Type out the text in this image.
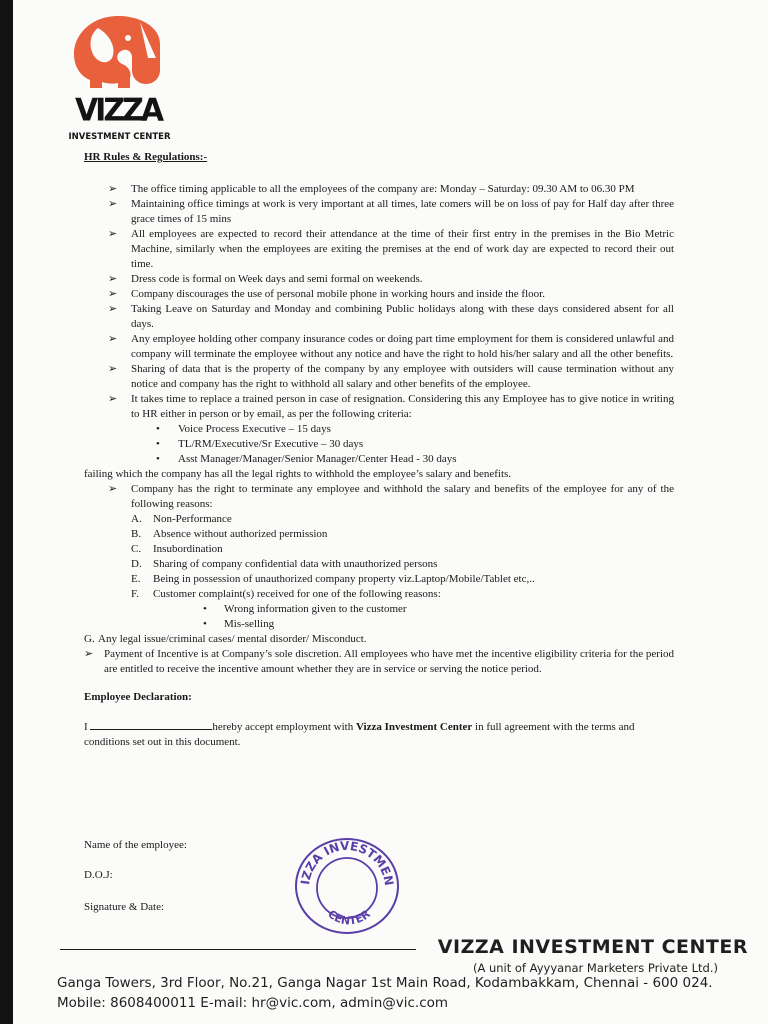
VIZZA
INVESTMENT CENTER

HR Rules & Regulations:-

➢ The office timing applicable to all the employees of the company are: Monday – Saturday: 09.30 AM to 06.30 PM

➢ Maintaining office timings at work is very important at all times, late comers will be on loss of pay for Half day after three grace times of 15 mins

➢ All employees are expected to record their attendance at the time of their first entry in the premises in the Bio Metric Machine, similarly when the employees are exiting the premises at the end of work day are expected to record their out time.

➢ Dress code is formal on Week days and semi formal on weekends.

➢ Company discourages the use of personal mobile phone in working hours and inside the floor.

➢ Taking Leave on Saturday and Monday and combining Public holidays along with these days considered absent for all days.

➢ Any employee holding other company insurance codes or doing part time employment for them is considered unlawful and company will terminate the employee without any notice and have the right to hold his/her salary and all the other benefits.

➢ Sharing of data that is the property of the company by any employee with outsiders will cause termination without any notice and company has the right to withhold all salary and other benefits of the employee.

➢ It takes time to replace a trained person in case of resignation. Considering this any Employee has to give notice in writing to HR either in person or by email, as per the following criteria:

• Voice Process Executive – 15 days

• TL/RM/Executive/Sr Executive – 30 days

• Asst Manager/Manager/Senior Manager/Center Head - 30 days

failing which the company has all the legal rights to withhold the employee’s salary and benefits.

➢ Company has the right to terminate any employee and withhold the salary and benefits of the employee for any of the following reasons:

A. Non-Performance

B. Absence without authorized permission

C. Insubordination

D. Sharing of company confidential data with unauthorized persons

E. Being in possession of unauthorized company property viz.Laptop/Mobile/Tablet etc,..

F. Customer complaint(s) received for one of the following reasons:

• Wrong information given to the customer

• Mis-selling

G. Any legal issue/criminal cases/ mental disorder/ Misconduct.

➢ Payment of Incentive is at Company’s sole discretion. All employees who have met the incentive eligibility criteria for the period are entitled to receive the incentive amount whether they are in service or serving the notice period.

Employee Declaration:

I	hereby accept employment with Vizza Investment Center in full agreement with the terms and conditions set out in this document.

Name of the employee:
D.O.J:
Signature & Date:
IZZA INVESTMEN
CENTER
VIZZA INVESTMENT CENTER
(A unit of Ayyyanar Marketers Private Ltd.)
Ganga Towers, 3rd Floor, No.21, Ganga Nagar 1st Main Road, Kodambakkam, Chennai - 600 024.
Mobile: 8608400011 E-mail: hr@vic.com, admin@vic.com
